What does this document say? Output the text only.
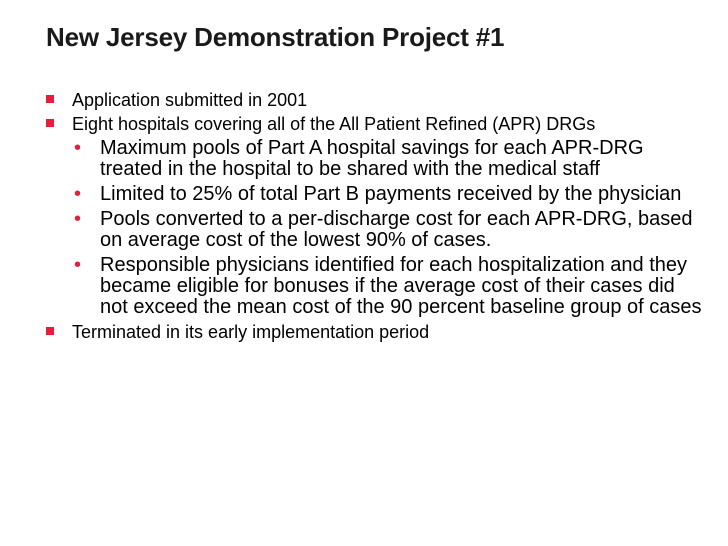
New Jersey Demonstration Project #1
Application submitted in 2001
Eight hospitals covering all of the All Patient Refined (APR) DRGs
• Maximum pools of Part A hospital savings for each APR-DRG treated in the hospital to be shared with the medical staff
• Limited to 25% of total Part B payments received by the physician
• Pools converted to a per-discharge cost for each APR-DRG, based on average cost of the lowest 90% of cases.
• Responsible physicians identified for each hospitalization and they became eligible for bonuses if the average cost of their cases did not exceed the mean cost of the 90 percent baseline group of cases
Terminated in its early implementation period
